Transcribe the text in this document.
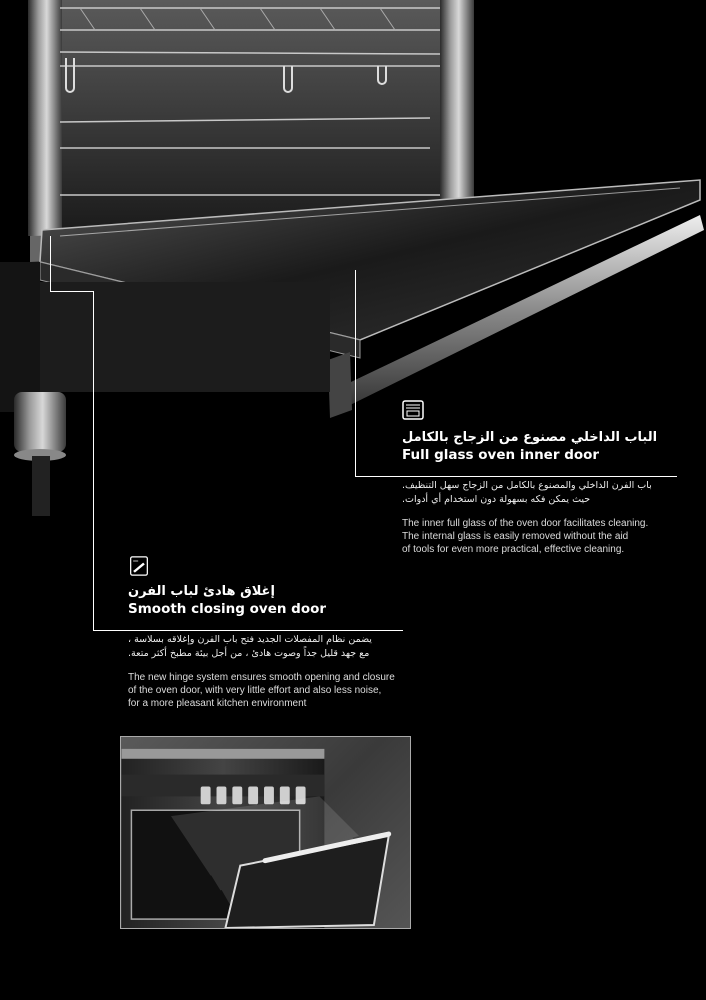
الباب الداخلي مصنوع من الزجاج بالكامل

Full glass oven inner door

باب الفرن الداخلي والمصنوع بالكامل من الزجاج سهل التنظيف.

حيث يمكن فكه بسهولة دون استخدام أي أدوات.

The inner full glass of the oven door facilitates cleaning.

The internal glass is easily removed without the aid

of tools for even more practical, effective cleaning.

إغلاق هادئ لباب الفرن

Smooth closing oven door

يضمن نظام المفصلات الجديد فتح باب الفرن وإغلاقه بسلاسة ،

مع جهد قليل جداً وصوت هادئ ، من أجل بيئة مطبخ أكثر متعة.

The new hinge system ensures smooth opening and closure

of the oven door, with very little effort and also less noise,

for a more pleasant kitchen environment
